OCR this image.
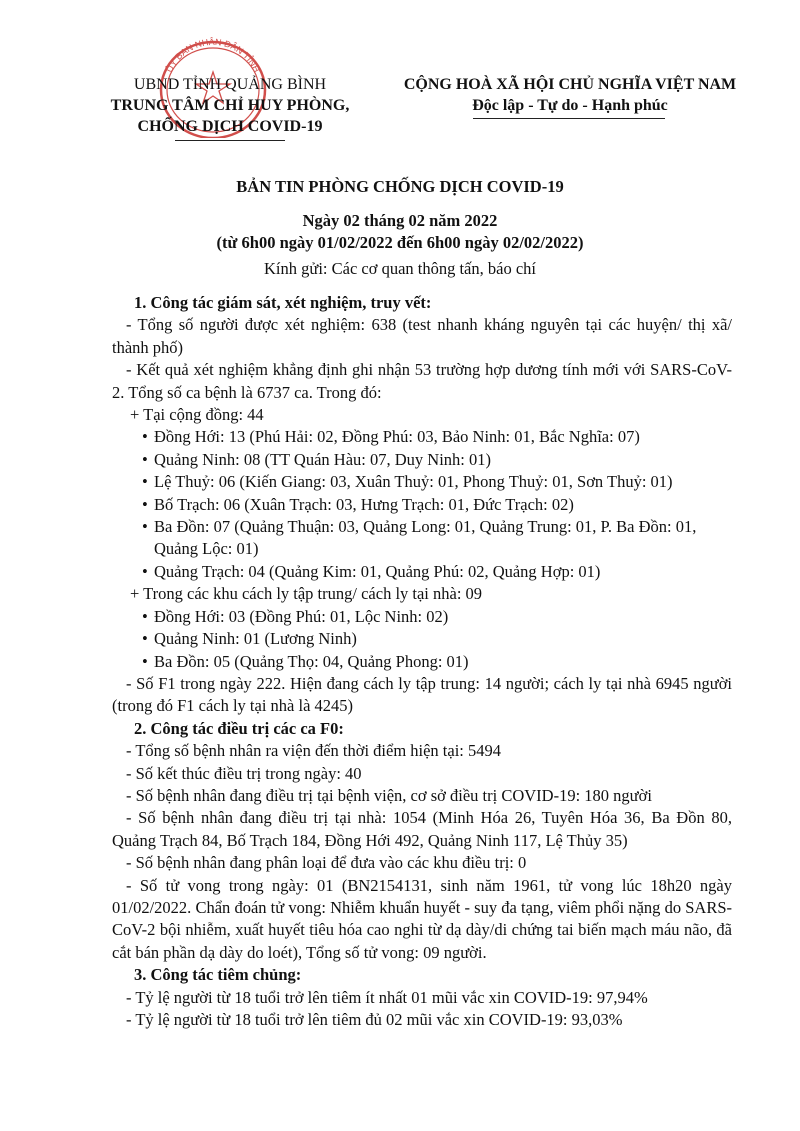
ỦY BAN NHÂN DÂN TỈNH
UBND TỈNH QUẢNG BÌNH
TRUNG TÂM CHỈ HUY PHÒNG,
CHỐNG DỊCH COVID-19
CỘNG HOÀ XÃ HỘI CHỦ NGHĨA VIỆT NAM
Độc lập - Tự do - Hạnh phúc
BẢN TIN PHÒNG CHỐNG DỊCH COVID-19
Ngày 02 tháng 02 năm 2022
(từ 6h00 ngày 01/02/2022 đến 6h00 ngày 02/02/2022)
Kính gửi: Các cơ quan thông tấn, báo chí

1. Công tác giám sát, xét nghiệm, truy vết:

- Tổng số người được xét nghiệm: 638 (test nhanh kháng nguyên tại các huyện/ thị xã/ thành phố)

- Kết quả xét nghiệm khẳng định ghi nhận 53 trường hợp dương tính mới với SARS-CoV-2. Tổng số ca bệnh là 6737 ca. Trong đó:

+ Tại cộng đồng: 44

• Đồng Hới: 13 (Phú Hải: 02, Đồng Phú: 03, Bảo Ninh: 01, Bắc Nghĩa: 07)

• Quảng Ninh: 08 (TT Quán Hàu: 07, Duy Ninh: 01)

• Lệ Thuỷ: 06 (Kiến Giang: 03, Xuân Thuỷ: 01, Phong Thuỷ: 01, Sơn Thuỷ: 01)

• Bố Trạch: 06 (Xuân Trạch: 03, Hưng Trạch: 01, Đức Trạch: 02)

• Ba Đồn: 07 (Quảng Thuận: 03, Quảng Long: 01, Quảng Trung: 01, P. Ba Đồn: 01, Quảng Lộc: 01)

• Quảng Trạch: 04 (Quảng Kim: 01, Quảng Phú: 02, Quảng Hợp: 01)

+ Trong các khu cách ly tập trung/ cách ly tại nhà: 09

• Đồng Hới: 03 (Đồng Phú: 01, Lộc Ninh: 02)

• Quảng Ninh: 01 (Lương Ninh)

• Ba Đồn: 05 (Quảng Thọ: 04, Quảng Phong: 01)

- Số F1 trong ngày 222. Hiện đang cách ly tập trung: 14 người; cách ly tại nhà 6945 người (trong đó F1 cách ly tại nhà là 4245)

2. Công tác điều trị các ca F0:

- Tổng số bệnh nhân ra viện đến thời điểm hiện tại: 5494

- Số kết thúc điều trị trong ngày: 40

- Số bệnh nhân đang điều trị tại bệnh viện, cơ sở điều trị COVID-19: 180 người

- Số bệnh nhân đang điều trị tại nhà: 1054 (Minh Hóa 26, Tuyên Hóa 36, Ba Đồn 80, Quảng Trạch 84, Bố Trạch 184, Đồng Hới 492, Quảng Ninh 117, Lệ Thủy 35)

- Số bệnh nhân đang phân loại để đưa vào các khu điều trị: 0

- Số tử vong trong ngày: 01 (BN2154131, sinh năm 1961, tử vong lúc 18h20 ngày 01/02/2022. Chẩn đoán tử vong: Nhiễm khuẩn huyết - suy đa tạng, viêm phổi nặng do SARS-CoV-2 bội nhiễm, xuất huyết tiêu hóa cao nghi từ dạ dày/di chứng tai biến mạch máu não, đã cắt bán phần dạ dày do loét), Tổng số tử vong: 09 người.

3. Công tác tiêm chủng:

- Tỷ lệ người từ 18 tuổi trở lên tiêm ít nhất 01 mũi vắc xin COVID-19: 97,94%

- Tỷ lệ người từ 18 tuổi trở lên tiêm đủ 02 mũi vắc xin COVID-19: 93,03%
